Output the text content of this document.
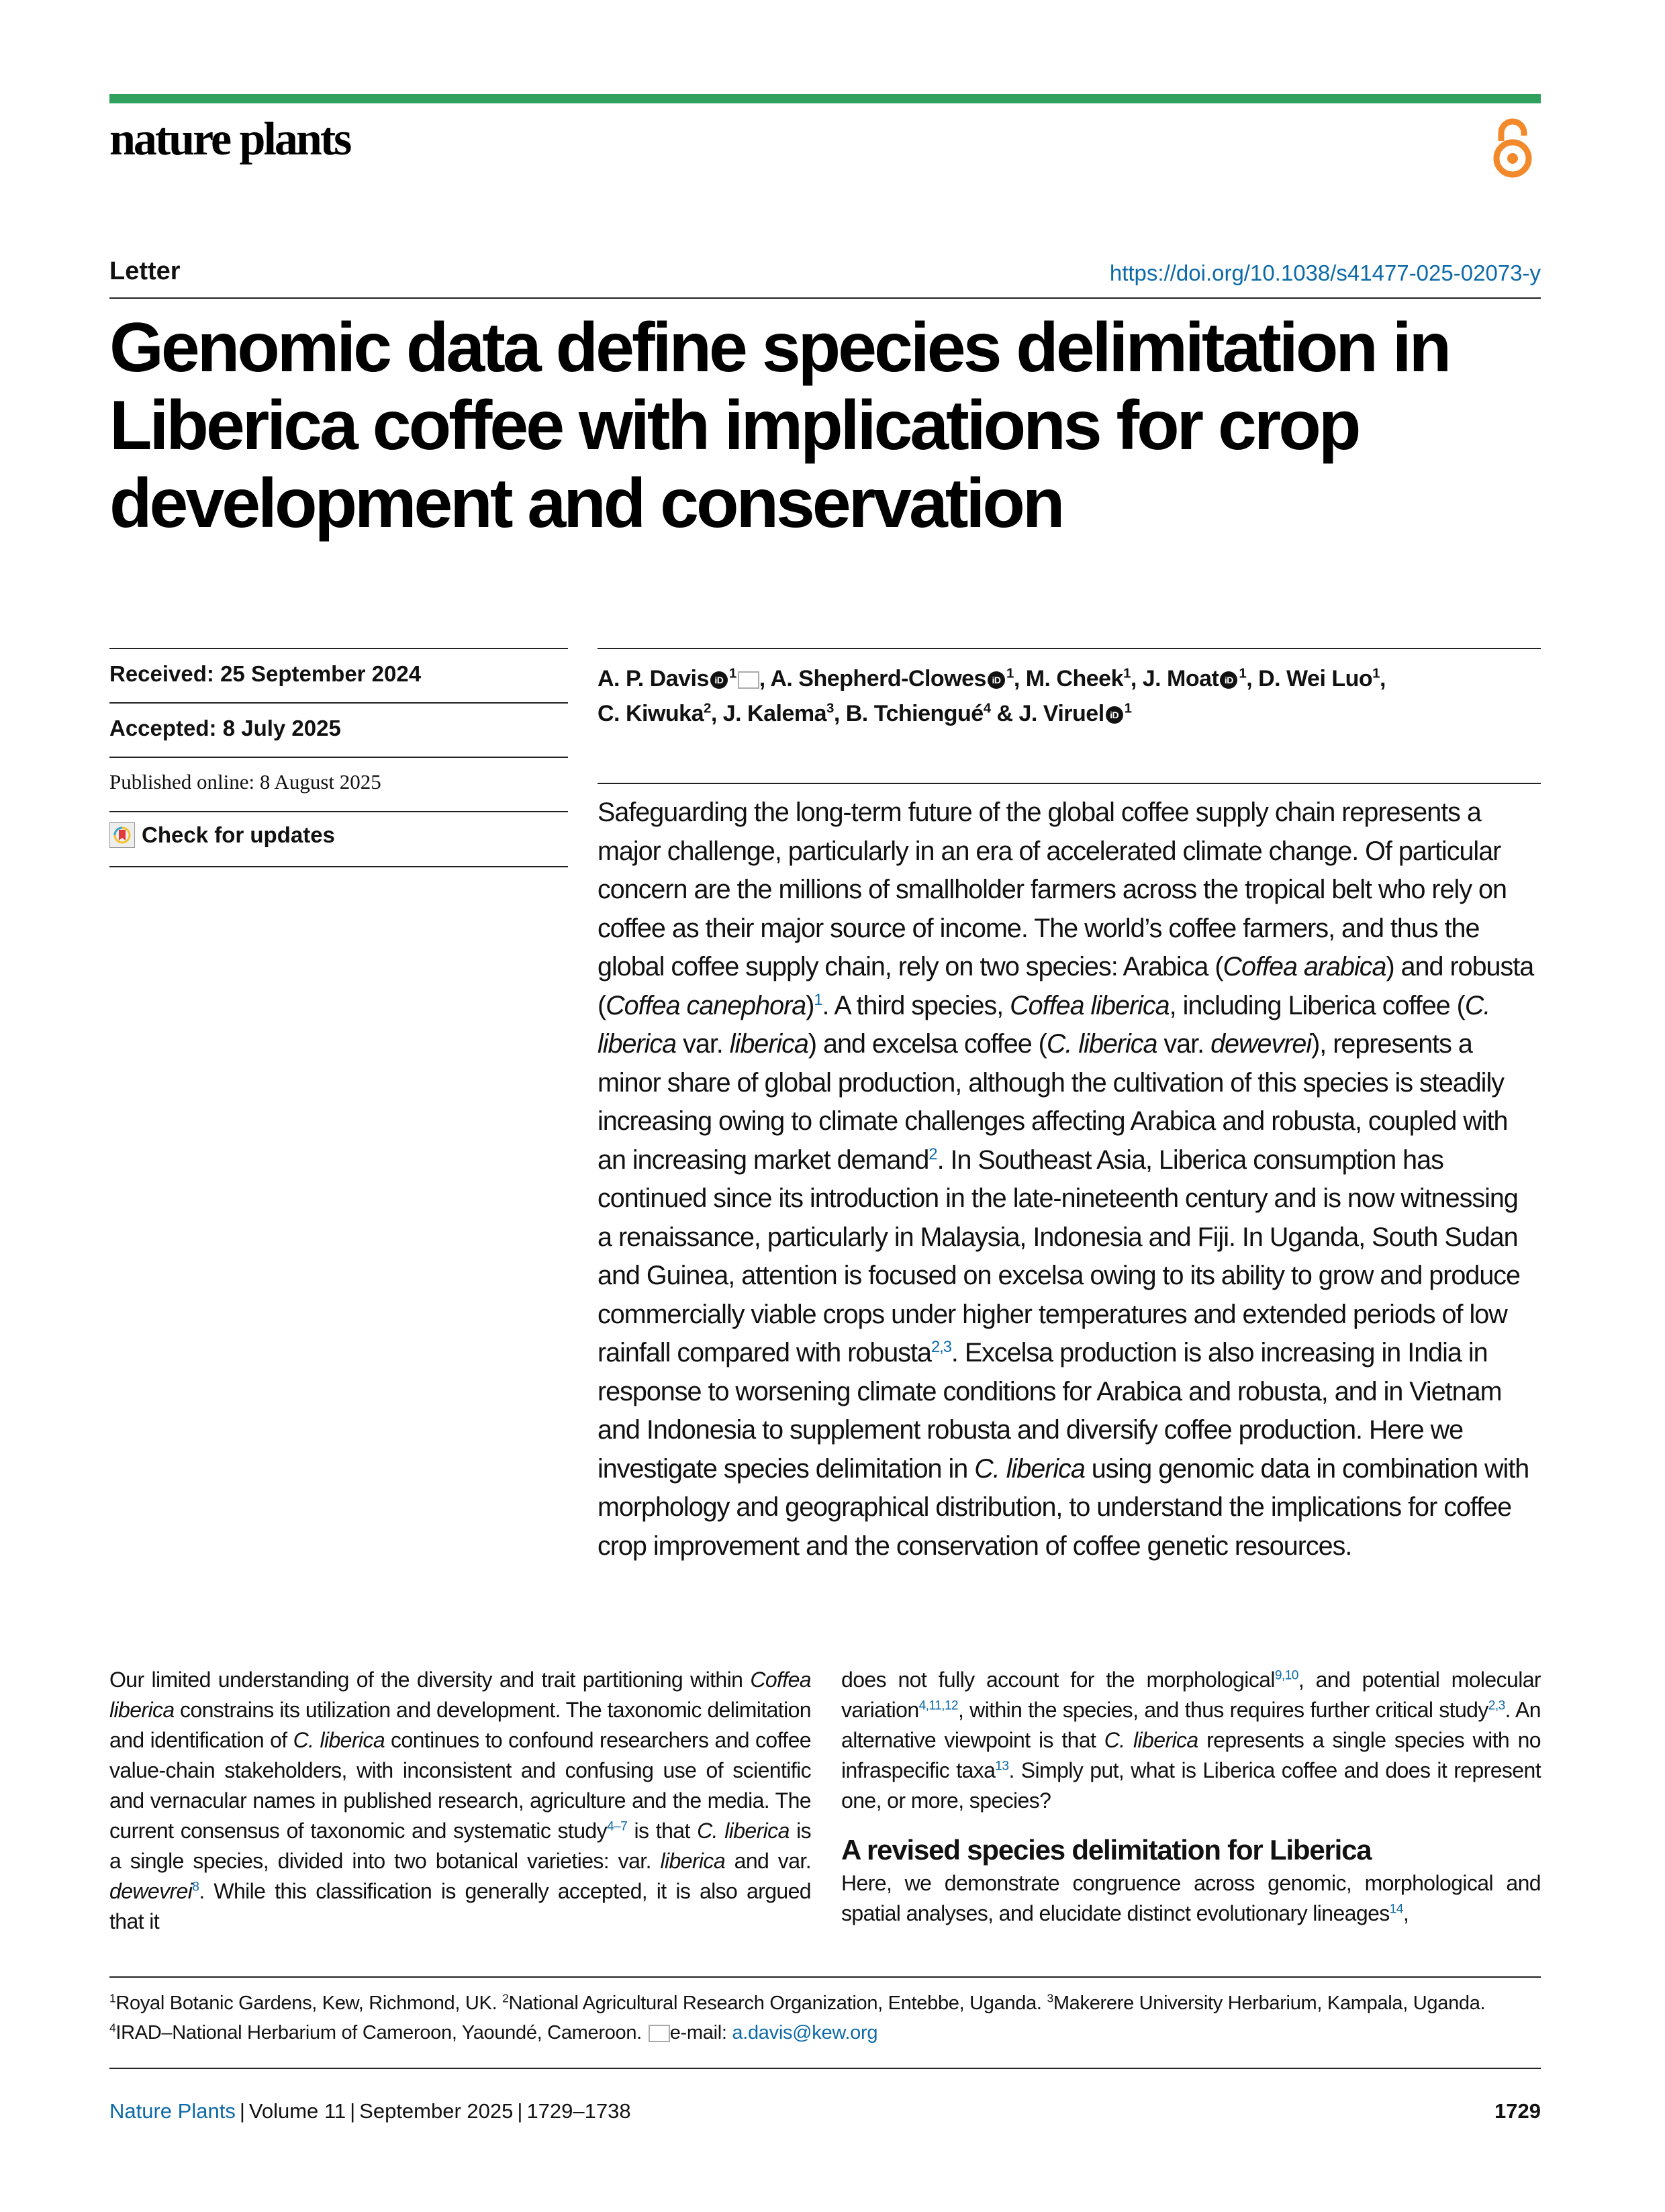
nature plants
Letter	https://doi.org/10.1038/s41477-025-02073-y
Genomic data define species delimitation in Liberica coffee with implications for crop development and conservation
Received: 25 September 2024
Accepted: 8 July 2025
Published online: 8 August 2025
Check for updates
A. P. Davis iD $^1$ , A. Shepherd-Clowes iD $^1$, M. Cheek$^1$, J. Moat iD $^1$, D. Wei Luo$^1$,
C. Kiwuka$^2$, J. Kalema$^3$, B. Tchiengué$^4$ & J. Viruel iD $^1$
Safeguarding the long-term future of the global coffee supply chain represents a major challenge, particularly in an era of accelerated climate change. Of particular concern are the millions of smallholder farmers across the tropical belt who rely on coffee as their major source of income. The world’s coffee farmers, and thus the global coffee supply chain, rely on two species: Arabica (Coffea arabica) and robusta (Coffea canephora)$^1$. A third species, Coffea liberica, including Liberica coffee (C. liberica var. liberica) and excelsa coffee (C. liberica var. dewevrei), represents a minor share of global production, although the cultivation of this species is steadily increasing owing to climate challenges affecting Arabica and robusta, coupled with an increasing market demand$^2$. In Southeast Asia, Liberica consumption has continued since its introduction in the late-nineteenth century and is now witnessing a renaissance, particularly in Malaysia, Indonesia and Fiji. In Uganda, South Sudan and Guinea, attention is focused on excelsa owing to its ability to grow and produce commercially viable crops under higher temperatures and extended periods of low rainfall compared with robusta$^{2,3}$. Excelsa production is also increasing in India in response to worsening climate conditions for Arabica and robusta, and in Vietnam and Indonesia to supplement robusta and diversify coffee production. Here we investigate species delimitation in C. liberica using genomic data in combination with morphology and geographical distribution, to understand the implications for coffee crop improvement and the conservation of coffee genetic resources.
Our limited understanding of the diversity and trait partitioning within Coffea liberica constrains its utilization and development. The taxonomic delimitation and identification of C. liberica continues to confound researchers and coffee value-chain stakeholders, with inconsistent and confusing use of scientific and vernacular names in published research, agriculture and the media. The current consensus of taxonomic and systematic study$^{4-7}$ is that C. liberica is a single species, divided into two botanical varieties: var. liberica and var. dewevrei$^8$. While this classification is generally accepted, it is also argued that it
does not fully account for the morphological$^{9,10}$, and potential molecular variation$^{4,11,12}$, within the species, and thus requires further critical study$^{2,3}$. An alternative viewpoint is that C. liberica represents a single species with no infraspecific taxa$^{13}$. Simply put, what is Liberica coffee and does it represent one, or more, species?
A revised species delimitation for Liberica
Here, we demonstrate congruence across genomic, morphological and spatial analyses, and elucidate distinct evolutionary lineages$^{14}$,
$^1$Royal Botanic Gardens, Kew, Richmond, UK. $^2$National Agricultural Research Organization, Entebbe, Uganda. $^3$Makerere University Herbarium, Kampala, Uganda. $^4$IRAD–National Herbarium of Cameroon, Yaoundé, Cameroon. e-mail: a.davis@kew.org
Nature Plants | Volume 11 | September 2025 | 1729–1738	1729
